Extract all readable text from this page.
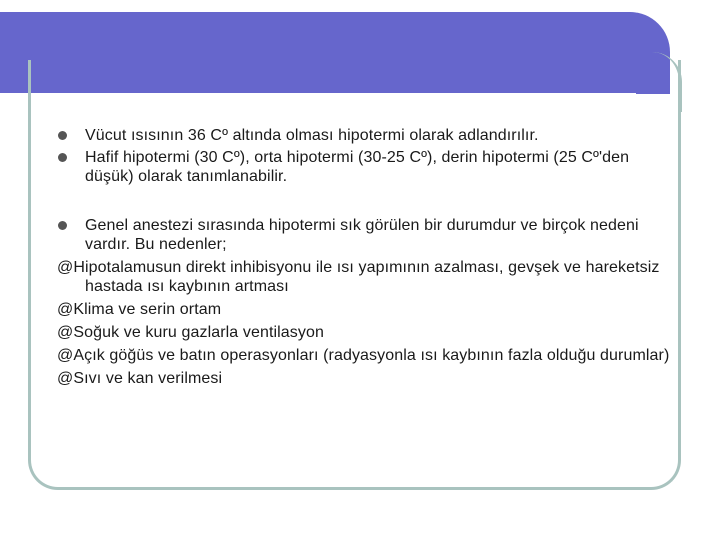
Vücut ısısının 36 Cº altında olması hipotermi olarak adlandırılır.
Hafif hipotermi (30 Cº), orta hipotermi (30-25 Cº), derin hipotermi (25 Cº'den düşük) olarak tanımlanabilir.
Genel anestezi sırasında hipotermi sık görülen bir durumdur ve birçok nedeni vardır. Bu nedenler;

@Hipotalamusun direkt inhibisyonu ile ısı yapımının azalması, gevşek ve hareketsiz hastada ısı kaybının artması

@Klima ve serin ortam

@Soğuk ve kuru gazlarla ventilasyon

@Açık göğüs ve batın operasyonları (radyasyonla ısı kaybının fazla olduğu durumlar)

@Sıvı ve kan verilmesi
